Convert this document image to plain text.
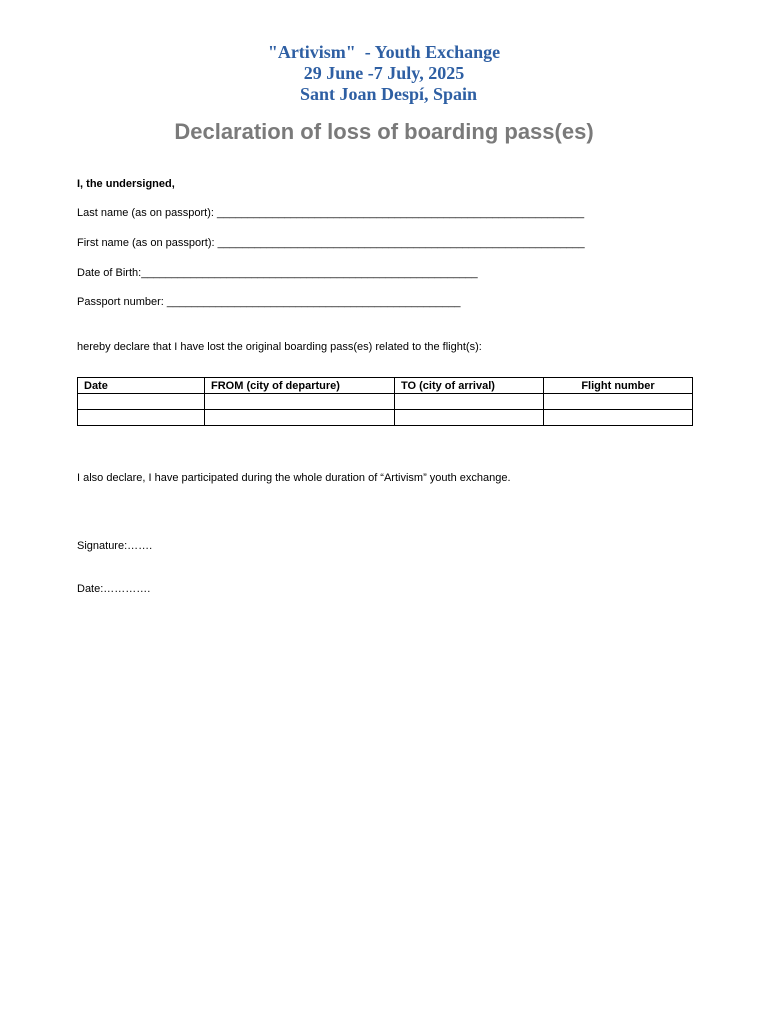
"Artivism"  - Youth Exchange
29 June -7 July, 2025
Sant Joan Despí, Spain
Declaration of loss of boarding pass(es)
I, the undersigned,
Last name (as on passport): ____________________________________________________________
First name (as on passport): ____________________________________________________________
Date of Birth:_______________________________________________________
Passport number: ________________________________________________
hereby declare that I have lost the original boarding pass(es) related to the flight(s):
Date	FROM (city of departure)	TO (city of arrival)	Flight number

I also declare, I have participated during the whole duration of “Artivism” youth exchange.
Signature:…….
Date:………….
